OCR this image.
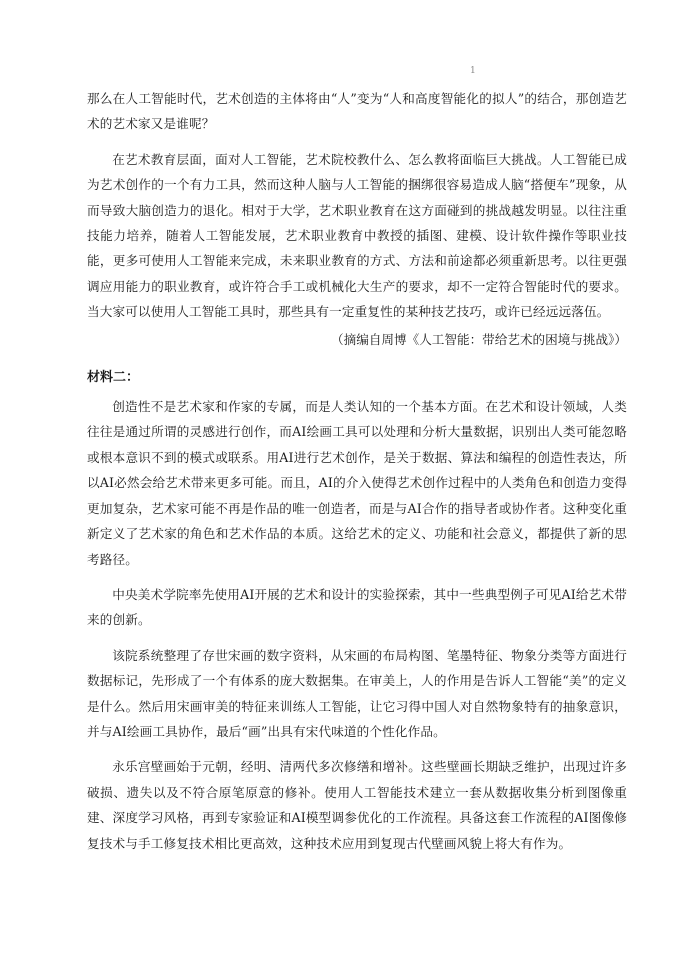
1

那么在人工智能时代，艺术创造的主体将由“人”变为“人和高度智能化的拟人”的结合，那创造艺术的艺术家又是谁呢？

在艺术教育层面，面对人工智能，艺术院校教什么、怎么教将面临巨大挑战。人工智能已成为艺术创作的一个有力工具，然而这种人脑与人工智能的捆绑很容易造成人脑“搭便车”现象，从而导致大脑创造力的退化。相对于大学，艺术职业教育在这方面碰到的挑战越发明显。以往注重技能力培养，随着人工智能发展，艺术职业教育中教授的插图、建模、设计软件操作等职业技能，更多可使用人工智能来完成，未来职业教育的方式、方法和前途都必须重新思考。以往更强调应用能力的职业教育，或许符合手工或机械化大生产的要求，却不一定符合智能时代的要求。当大家可以使用人工智能工具时，那些具有一定重复性的某种技艺技巧，或许已经远远落伍。

（摘编自周博《人工智能：带给艺术的困境与挑战》）

材料二：

创造性不是艺术家和作家的专属，而是人类认知的一个基本方面。在艺术和设计领域，人类往往是通过所谓的灵感进行创作，而AI绘画工具可以处理和分析大量数据，识别出人类可能忽略或根本意识不到的模式或联系。用AI进行艺术创作，是关于数据、算法和编程的创造性表达，所以AI必然会给艺术带来更多可能。而且，AI的介入使得艺术创作过程中的人类角色和创造力变得更加复杂，艺术家可能不再是作品的唯一创造者，而是与AI合作的指导者或协作者。这种变化重新定义了艺术家的角色和艺术作品的本质。这给艺术的定义、功能和社会意义，都提供了新的思考路径。

中央美术学院率先使用AI开展的艺术和设计的实验探索，其中一些典型例子可见AI给艺术带来的创新。

该院系统整理了存世宋画的数字资料，从宋画的布局构图、笔墨特征、物象分类等方面进行数据标记，先形成了一个有体系的庞大数据集。在审美上，人的作用是告诉人工智能“美”的定义是什么。然后用宋画审美的特征来训练人工智能，让它习得中国人对自然物象特有的抽象意识，并与AI绘画工具协作，最后“画”出具有宋代味道的个性化作品。

永乐宫壁画始于元朝，经明、清两代多次修缮和增补。这些壁画长期缺乏维护，出现过许多破损、遗失以及不符合原笔原意的修补。使用人工智能技术建立一套从数据收集分析到图像重建、深度学习风格，再到专家验证和AI模型调参优化的工作流程。具备这套工作流程的AI图像修复技术与手工修复技术相比更高效，这种技术应用到复现古代壁画风貌上将大有作为。
